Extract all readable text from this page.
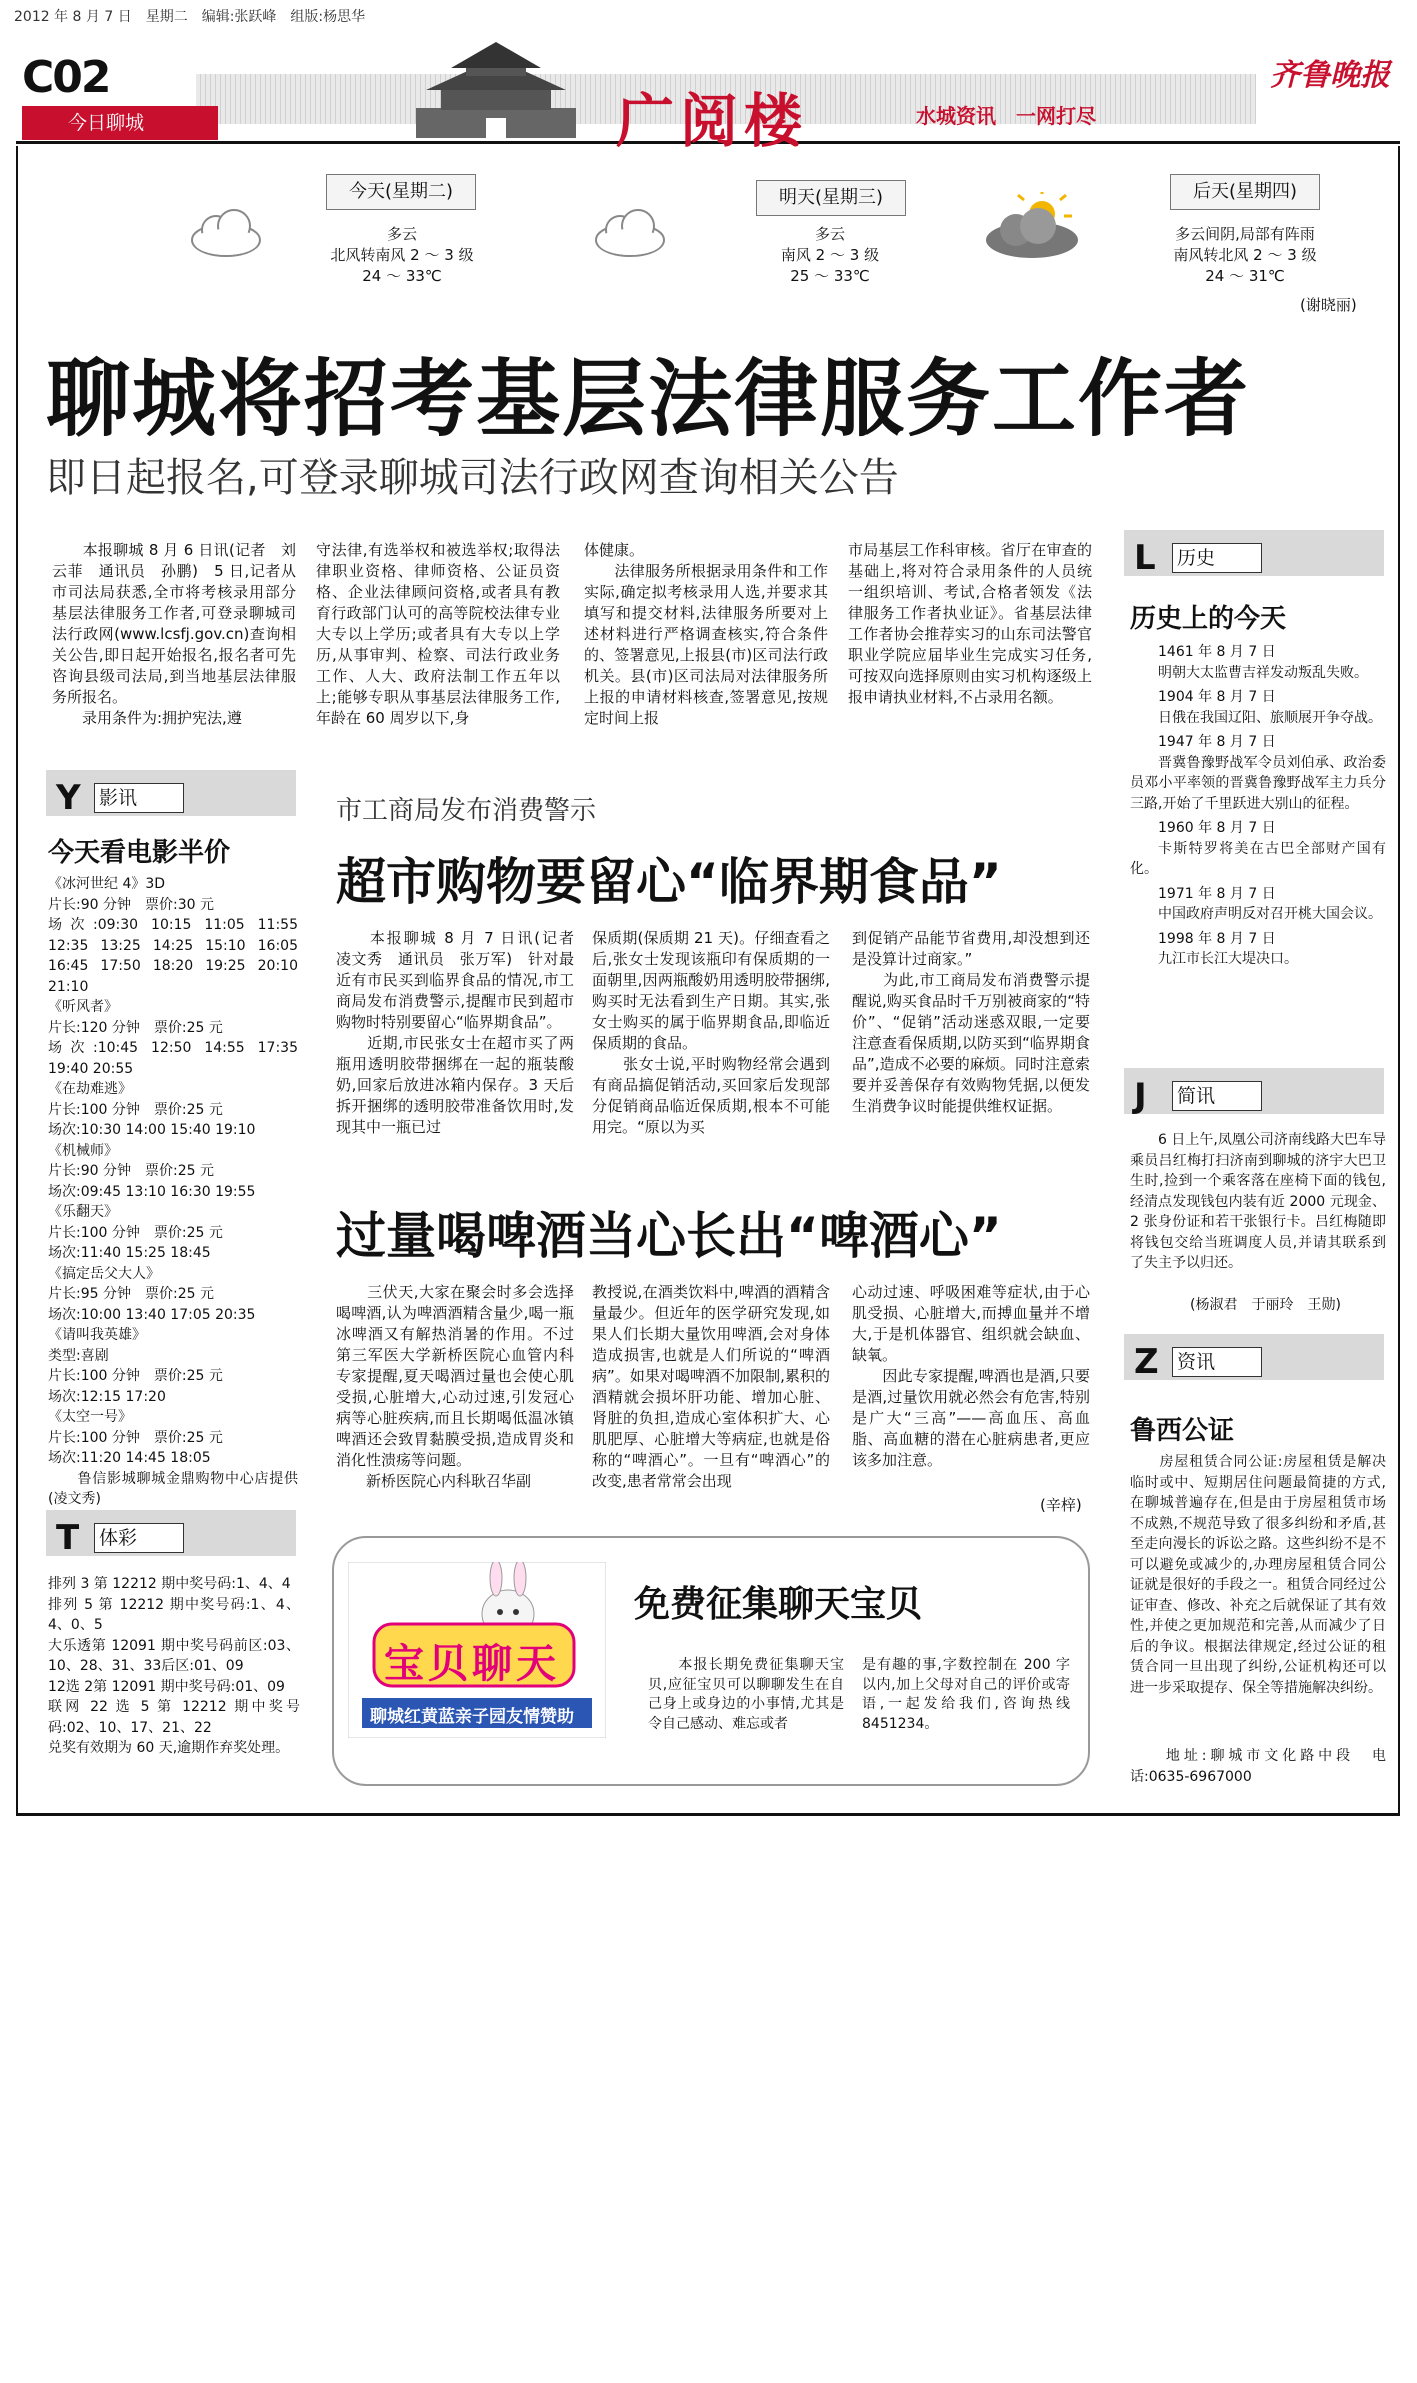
2012 年 8 月 7 日　星期二　编辑:张跃峰　组版:杨思华
C02
今日聊城	广阅楼	水城资讯　一网打尽
齐鲁晚报
今天(星期二)
多云
北风转南风 2 ～ 3 级
24 ～ 33℃
明天(星期三)
多云
南风 2 ～ 3 级
25 ～ 33℃
后天(星期四)
多云间阴,局部有阵雨
南风转北风 2 ～ 3 级
24 ～ 31℃
(谢晓丽)
聊城将招考基层法律服务工作者
即日起报名,可登录聊城司法行政网查询相关公告
　　本报聊城 8 月 6 日讯(记者　刘云菲　通讯员　孙鹏)　5 日,记者从市司法局获悉,全市将考核录用部分基层法律服务工作者,可登录聊城司法行政网(www.lcsfj.gov.cn)查询相关公告,即日起开始报名,报名者可先咨询县级司法局,到当地基层法律服务所报名。
　　录用条件为:拥护宪法,遵
守法律,有选举权和被选举权;取得法律职业资格、律师资格、公证员资格、企业法律顾问资格,或者具有教育行政部门认可的高等院校法律专业大专以上学历;或者具有大专以上学历,从事审判、检察、司法行政业务工作、人大、政府法制工作五年以上;能够专职从事基层法律服务工作,年龄在 60 周岁以下,身
体健康。
　　法律服务所根据录用条件和工作实际,确定拟考核录用人选,并要求其填写和提交材料,法律服务所要对上述材料进行严格调查核实,符合条件的、签署意见,上报县(市)区司法行政机关。县(市)区司法局对法律服务所上报的申请材料核查,签署意见,按规定时间上报
市局基层工作科审核。省厅在审查的基础上,将对符合录用条件的人员统一组织培训、考试,合格者领发《法律服务工作者执业证》。省基层法律工作者协会推荐实习的山东司法警官职业学院应届毕业生完成实习任务,可按双向选择原则由实习机构逐级上报申请执业材料,不占录用名额。
L	历史
历史上的今天
1461 年 8 月 7 日
明朝大太监曹吉祥发动叛乱失败。
1904 年 8 月 7 日
日俄在我国辽阳、旅顺展开争夺战。
1947 年 8 月 7 日
晋冀鲁豫野战军令员刘伯承、政治委员邓小平率领的晋冀鲁豫野战军主力兵分三路,开始了千里跃进大别山的征程。
1960 年 8 月 7 日
卡斯特罗将美在古巴全部财产国有化。
1971 年 8 月 7 日
中国政府声明反对召开桃大国会议。
1998 年 8 月 7 日
九江市长江大堤决口。
J	简讯
　　6 日上午,凤凰公司济南线路大巴车导乘员吕红梅打扫济南到聊城的济宇大巴卫生时,捡到一个乘客落在座椅下面的钱包,经清点发现钱包内装有近 2000 元现金、2 张身份证和若干张银行卡。吕红梅随即将钱包交给当班调度人员,并请其联系到了失主予以归还。
(杨淑君　于丽玲　王勋)
Z 资讯
鲁西公证
　　房屋租赁合同公证:房屋租赁是解决临时或中、短期居住问题最简捷的方式,在聊城普遍存在,但是由于房屋租赁市场不成熟,不规范导致了很多纠纷和矛盾,甚至走向漫长的诉讼之路。这些纠纷不是不可以避免或减少的,办理房屋租赁合同公证就是很好的手段之一。租赁合同经过公证审查、修改、补充之后就保证了其有效性,并使之更加规范和完善,从而减少了日后的争议。根据法律规定,经过公证的租赁合同一旦出现了纠纷,公证机构还可以进一步采取提存、保全等措施解决纠纷。
　　地址:聊城市文化路中段　电话:0635-6967000
Y 影讯
今天看电影半价
《冰河世纪 4》3D
片长:90 分钟　票价:30 元
场次:09:30 10:15 11:05 11:55 12:35 13:25 14:25 15:10 16:05 16:45 17:50 18:20 19:25 20:10 21:10
《听风者》
片长:120 分钟　票价:25 元
场次:10:45 12:50 14:55 17:35 19:40 20:55
《在劫难逃》
片长:100 分钟　票价:25 元
场次:10:30 14:00 15:40 19:10
《机械师》
片长:90 分钟　票价:25 元
场次:09:45 13:10 16:30 19:55
《乐翻天》
片长:100 分钟　票价:25 元
场次:11:40 15:25 18:45
《搞定岳父大人》
片长:95 分钟　票价:25 元
场次:10:00 13:40 17:05 20:35
《请叫我英雄》
类型:喜剧
片长:100 分钟　票价:25 元
场次:12:15 17:20
《太空一号》
片长:100 分钟　票价:25 元
场次:11:20 14:45 18:05
　　鲁信影城聊城金鼎购物中心店提供　　　　(凌文秀)
T	体彩
排列 3 第 12212 期中奖号码:1、4、4
排列 5 第 12212 期中奖号码:1、4、4、0、5
大乐透第 12091 期中奖号码前区:03、10、28、31、33后区:01、09
12选 2第 12091 期中奖号码:01、09
联网 22 选 5 第 12212 期中奖号码:02、10、17、21、22
兑奖有效期为 60 天,逾期作弃奖处理。
市工商局发布消费警示
超市购物要留心“临界期食品”
　　本报聊城 8 月 7 日讯(记者　凌文秀　通讯员　张万军)　针对最近有市民买到临界食品的情况,市工商局发布消费警示,提醒市民到超市购物时特别要留心“临界期食品”。
　　近期,市民张女士在超市买了两瓶用透明胶带捆绑在一起的瓶装酸奶,回家后放进冰箱内保存。3 天后拆开捆绑的透明胶带准备饮用时,发现其中一瓶已过
保质期(保质期 21 天)。仔细查看之后,张女士发现该瓶印有保质期的一面朝里,因两瓶酸奶用透明胶带捆绑,购买时无法看到生产日期。其实,张女士购买的属于临界期食品,即临近保质期的食品。
　　张女士说,平时购物经常会遇到有商品搞促销活动,买回家后发现部分促销商品临近保质期,根本不可能用完。“原以为买
到促销产品能节省费用,却没想到还是没算计过商家。”
　　为此,市工商局发布消费警示提醒说,购买食品时千万别被商家的“特价”、“促销”活动迷惑双眼,一定要注意查看保质期,以防买到“临界期食品”,造成不必要的麻烦。同时注意索要并妥善保存有效购物凭据,以便发生消费争议时能提供维权证据。
过量喝啤酒当心长出“啤酒心”
　　三伏天,大家在聚会时多会选择喝啤酒,认为啤酒酒精含量少,喝一瓶冰啤酒又有解热消暑的作用。不过第三军医大学新桥医院心血管内科专家提醒,夏天喝酒过量也会使心肌受损,心脏增大,心动过速,引发冠心病等心脏疾病,而且长期喝低温冰镇啤酒还会致胃黏膜受损,造成胃炎和消化性溃疡等问题。
　　新桥医院心内科耿召华副
教授说,在酒类饮料中,啤酒的酒精含量最少。但近年的医学研究发现,如果人们长期大量饮用啤酒,会对身体造成损害,也就是人们所说的“啤酒病”。如果对喝啤酒不加限制,累积的酒精就会损坏肝功能、增加心脏、肾脏的负担,造成心室体积扩大、心肌肥厚、心脏增大等病症,也就是俗称的“啤酒心”。一旦有“啤酒心”的改变,患者常常会出现
心动过速、呼吸困难等症状,由于心肌受损、心脏增大,而搏血量并不增大,于是机体器官、组织就会缺血、缺氧。
　　因此专家提醒,啤酒也是酒,只要是酒,过量饮用就必然会有危害,特别是广大“三高”——高血压、高血脂、高血糖的潜在心脏病患者,更应该多加注意。
(辛梓)
宝贝聊天
聊城红黄蓝亲子园友情赞助
免费征集聊天宝贝
　　本报长期免费征集聊天宝贝,应征宝贝可以聊聊发生在自己身上或身边的小事情,尤其是令自己感动、难忘或者
是有趣的事,字数控制在 200 字以内,加上父母对自己的评价或寄语,一起发给我们,咨询热线 8451234。
